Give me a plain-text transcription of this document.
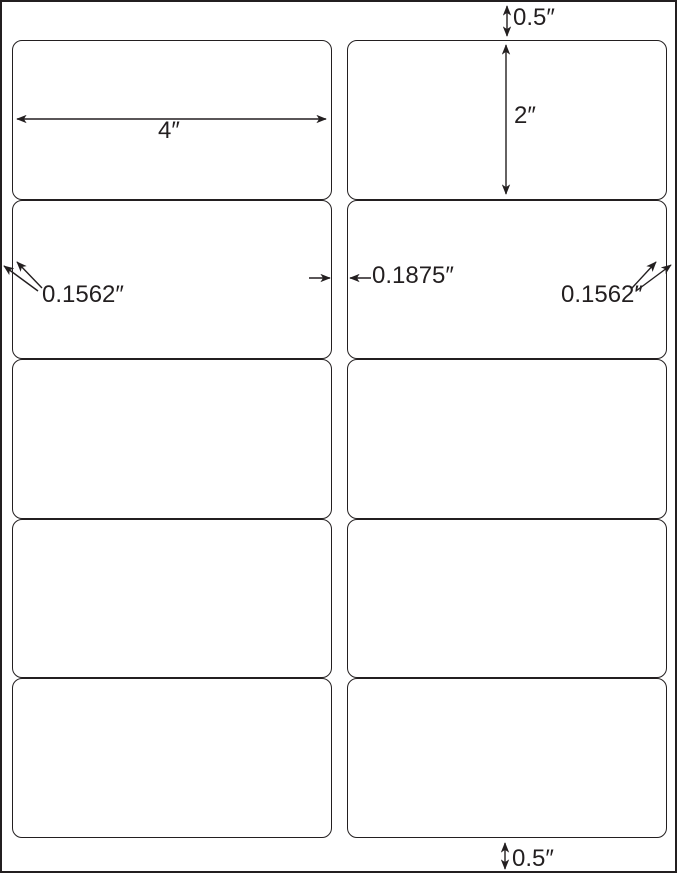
0.5″
2″
4″
0.1562″
0.1875″
0.1562″
0.5″
